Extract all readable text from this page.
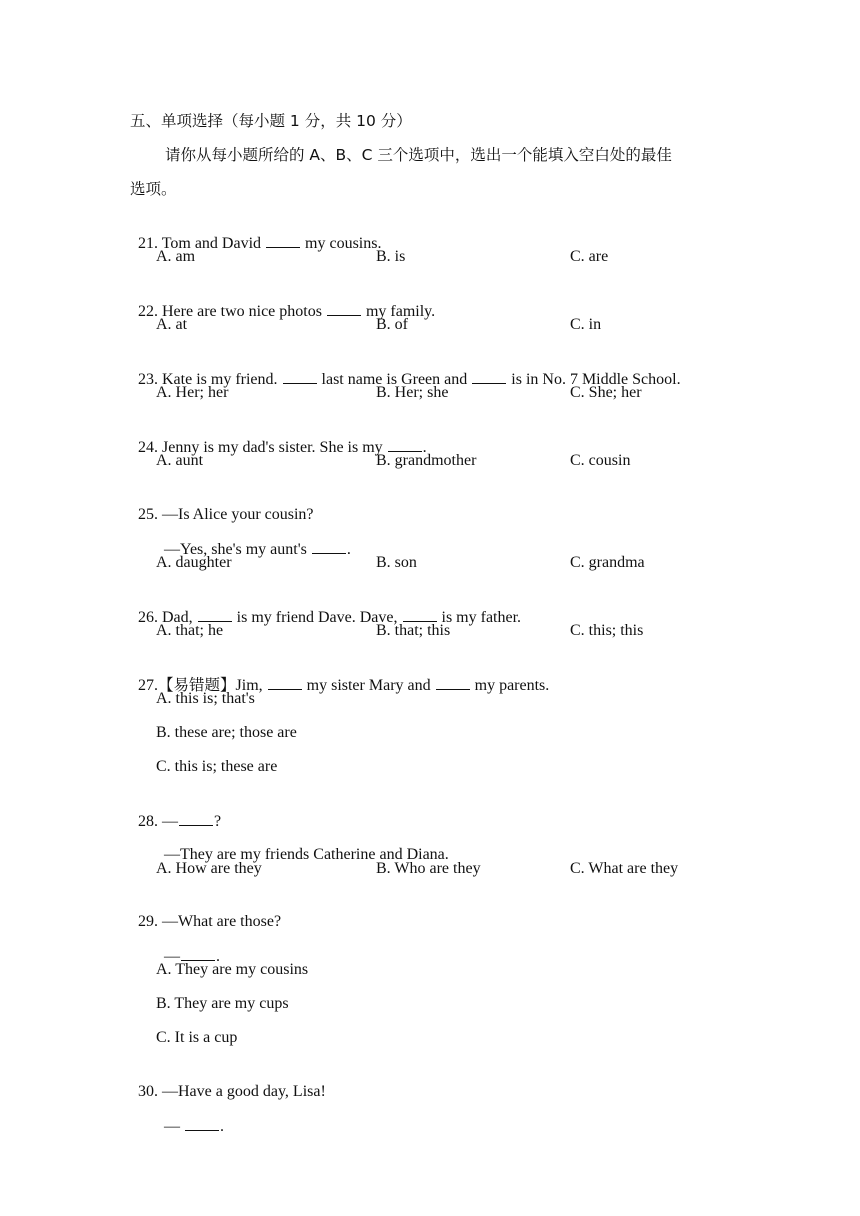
五、单项选择（每小题 1 分，共 10 分）
请你从每小题所给的 A、B、C 三个选项中，选出一个能填入空白处的最佳
选项。

21. Tom and David	my cousins.

A. am	B. is	C. are

22. Here are two nice photos	my family.

A. at	B. of	C. in

23. Kate is my friend.	last name is Green and	is in No. 7 Middle School.

A. Her; her	B. Her; she	C. She; her

24. Jenny is my dad's sister. She is my	.

A. aunt	B. grandmother	C. cousin

25. —Is Alice your cousin?

—Yes, she's my aunt's	.

A. daughter	B. son	C. grandma

26. Dad,	is my friend Dave. Dave,	is my father.

A. that; he	B. that; this	C. this; this

27.【易错题】Jim,	my sister Mary and	my parents.

A. this is; that's
B. these are; those are
C. this is; these are

28. — ?

—They are my friends Catherine and Diana.

A. How are they	B. Who are they	C. What are they

29. —What are those?

— .

A. They are my cousins
B. They are my cups
C. It is a cup

30. —Have a good day, Lisa!

— .
